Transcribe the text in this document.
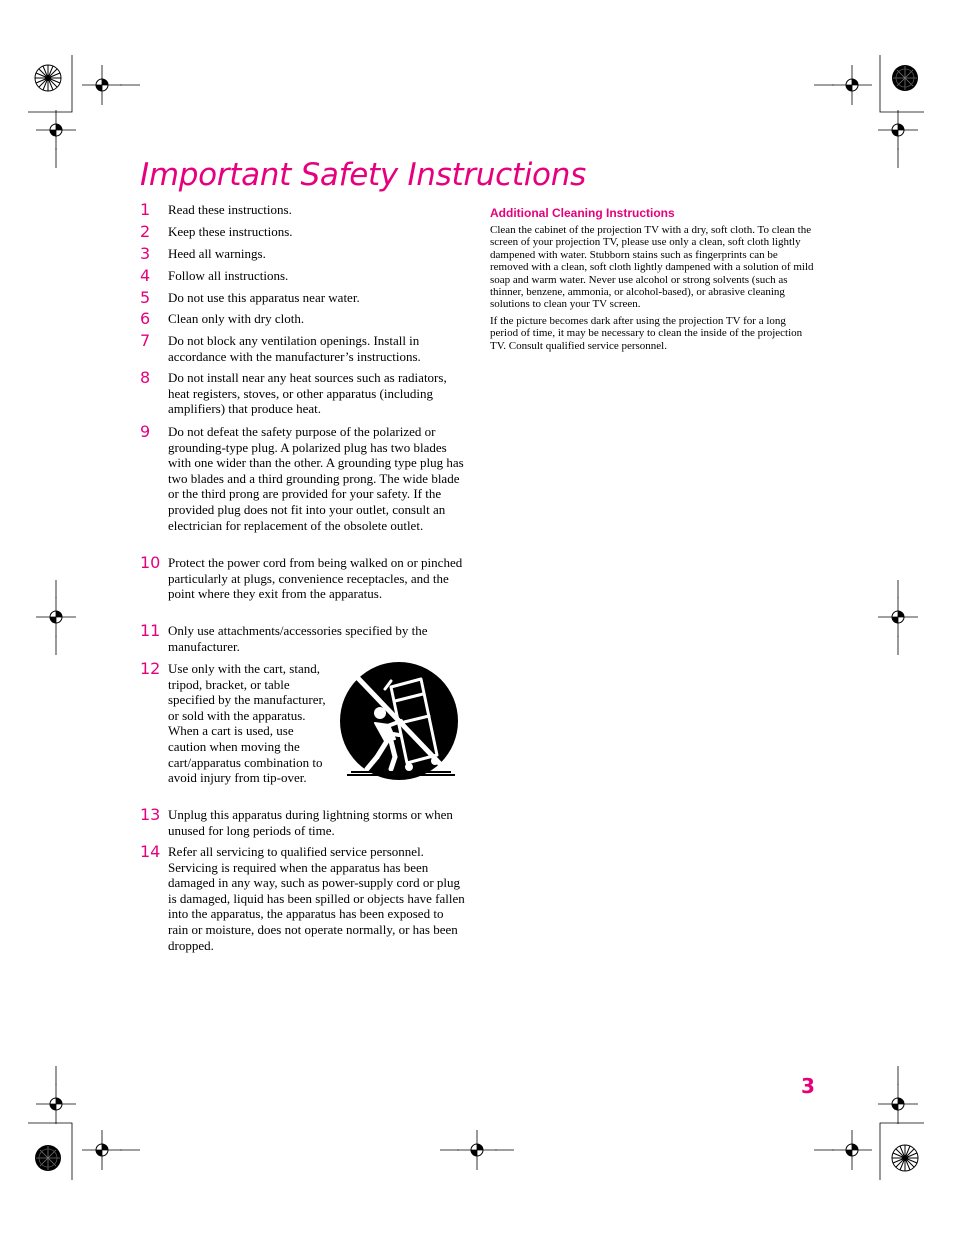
Important Safety Instructions
1	Read these instructions.
2	Keep these instructions.
3	Heed all warnings.
4	Follow all instructions.
5	Do not use this apparatus near water.
6	Clean only with dry cloth.
7	Do not block any ventilation openings. Install in accordance with the manufacturer’s instructions.
8	Do not install near any heat sources such as radiators, heat registers, stoves, or other apparatus (including amplifiers) that produce heat.
9	Do not defeat the safety purpose of the polarized or grounding-type plug. A polarized plug has two blades with one wider than the other. A grounding type plug has two blades and a third grounding prong. The wide blade or the third prong are provided for your safety. If the provided plug does not fit into your outlet, consult an electrician for replacement of the obsolete outlet.
10 Protect the power cord from being walked on or pinched particularly at plugs, convenience receptacles, and the point where they exit from the apparatus.
11 Only use attachments/accessories specified by the manufacturer.
12 Use only with the cart, stand, tripod, bracket, or table specified by the manufacturer, or sold with the apparatus. When a cart is used, use caution when moving the cart/apparatus combination to avoid injury from tip-over.
13 Unplug this apparatus during lightning storms or when unused for long periods of time.
14 Refer all servicing to qualified service personnel. Servicing is required when the apparatus has been damaged in any way, such as power-supply cord or plug is damaged, liquid has been spilled or objects have fallen into the apparatus, the apparatus has been exposed to rain or moisture, does not operate normally, or has been dropped.
Additional Cleaning Instructions

Clean the cabinet of the projection TV with a dry, soft cloth. To clean the screen of your projection TV, please use only a clean, soft cloth lightly dampened with water. Stubborn stains such as fingerprints can be removed with a clean, soft cloth lightly dampened with a solution of mild soap and warm water. Never use alcohol or strong solvents (such as thinner, benzene, ammonia, or alcohol-based), or abrasive cleaning solutions to clean your TV screen.

If the picture becomes dark after using the projection TV for a long period of time, it may be necessary to clean the inside of the projection TV. Consult qualified service personnel.

3
